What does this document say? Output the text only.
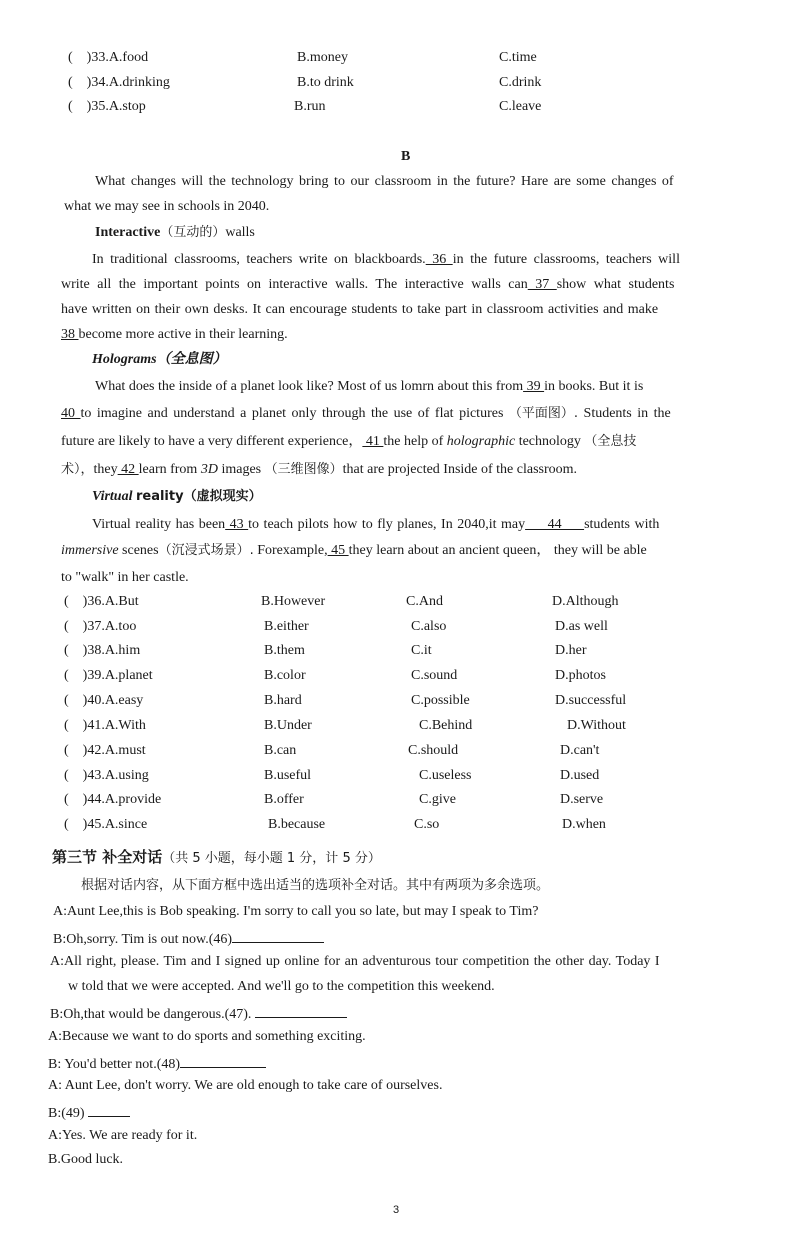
(　)33.A.food	B.money	C.time
(　)34.A.drinking	B.to drink	C.drink
(　)35.A.stop	B.run	C.leave
B
What changes will the technology bring to our classroom in the future? Hare are some changes of
what we may see in schools in 2040.
Interactive（互动的）walls
In traditional classrooms, teachers write on blackboards. 36 in the future classrooms, teachers will
write all the important points on interactive walls. The interactive walls can 37 show what students
have written on their own desks. It can encourage students to take part in classroom activities and make
38 become more active in their learning.
Holograms（全息图）
What does the inside of a planet look like? Most of us lomrn about this from 39 in books. But it is
40 to imagine and understand a planet only through the use of flat pictures （平面图）. Students in the
future are likely to have a very different experience， 41 the help of holographic technology （全息技
术），they 42 learn from 3D images （三维图像）that are projected Inside of the classroom.
Virtual reality（虚拟现实）
Virtual reality has been 43 to teach pilots how to fly planes, In 2040,it may     44     students with
immersive scenes（沉浸式场景）. Forexample, 45 they learn about an ancient queen， they will be able
to "walk" in her castle.
(　)36.A.But	B.However	C.And	D.Although
(　)37.A.too	B.either	C.also	D.as well
(　)38.A.him	B.them	C.it	D.her
(　)39.A.planet	B.color	C.sound	D.photos
(　)40.A.easy	B.hard	C.possible	D.successful
(　)41.A.With	B.Under	C.Behind	D.Without
(　)42.A.must	B.can	C.should	D.can't
(　)43.A.using	B.useful	C.useless	D.used
(　)44.A.provide	B.offer	C.give	D.serve
(　)45.A.since	B.because	C.so	D.when
第三节 补全对话（共 5 小题，每小题 1 分，计 5 分）
根据对话内容，从下面方框中选出适当的选项补全对话。其中有两项为多余选项。
A:Aunt Lee,this is Bob speaking. I'm sorry to call you so late, but may I speak to Tim?
B:Oh,sorry. Tim is out now.(46)
A:All right, please. Tim and I signed up online for an adventurous tour competition the other day. Today I
w told that we were accepted. And we'll go to the competition this weekend.
B:Oh,that would be dangerous.(47).
A:Because we want to do sports and something exciting.
B: You'd better not.(48)
A: Aunt Lee, don't worry. We are old enough to take care of ourselves.
B:(49)
A:Yes. We are ready for it.
B.Good luck.
3
